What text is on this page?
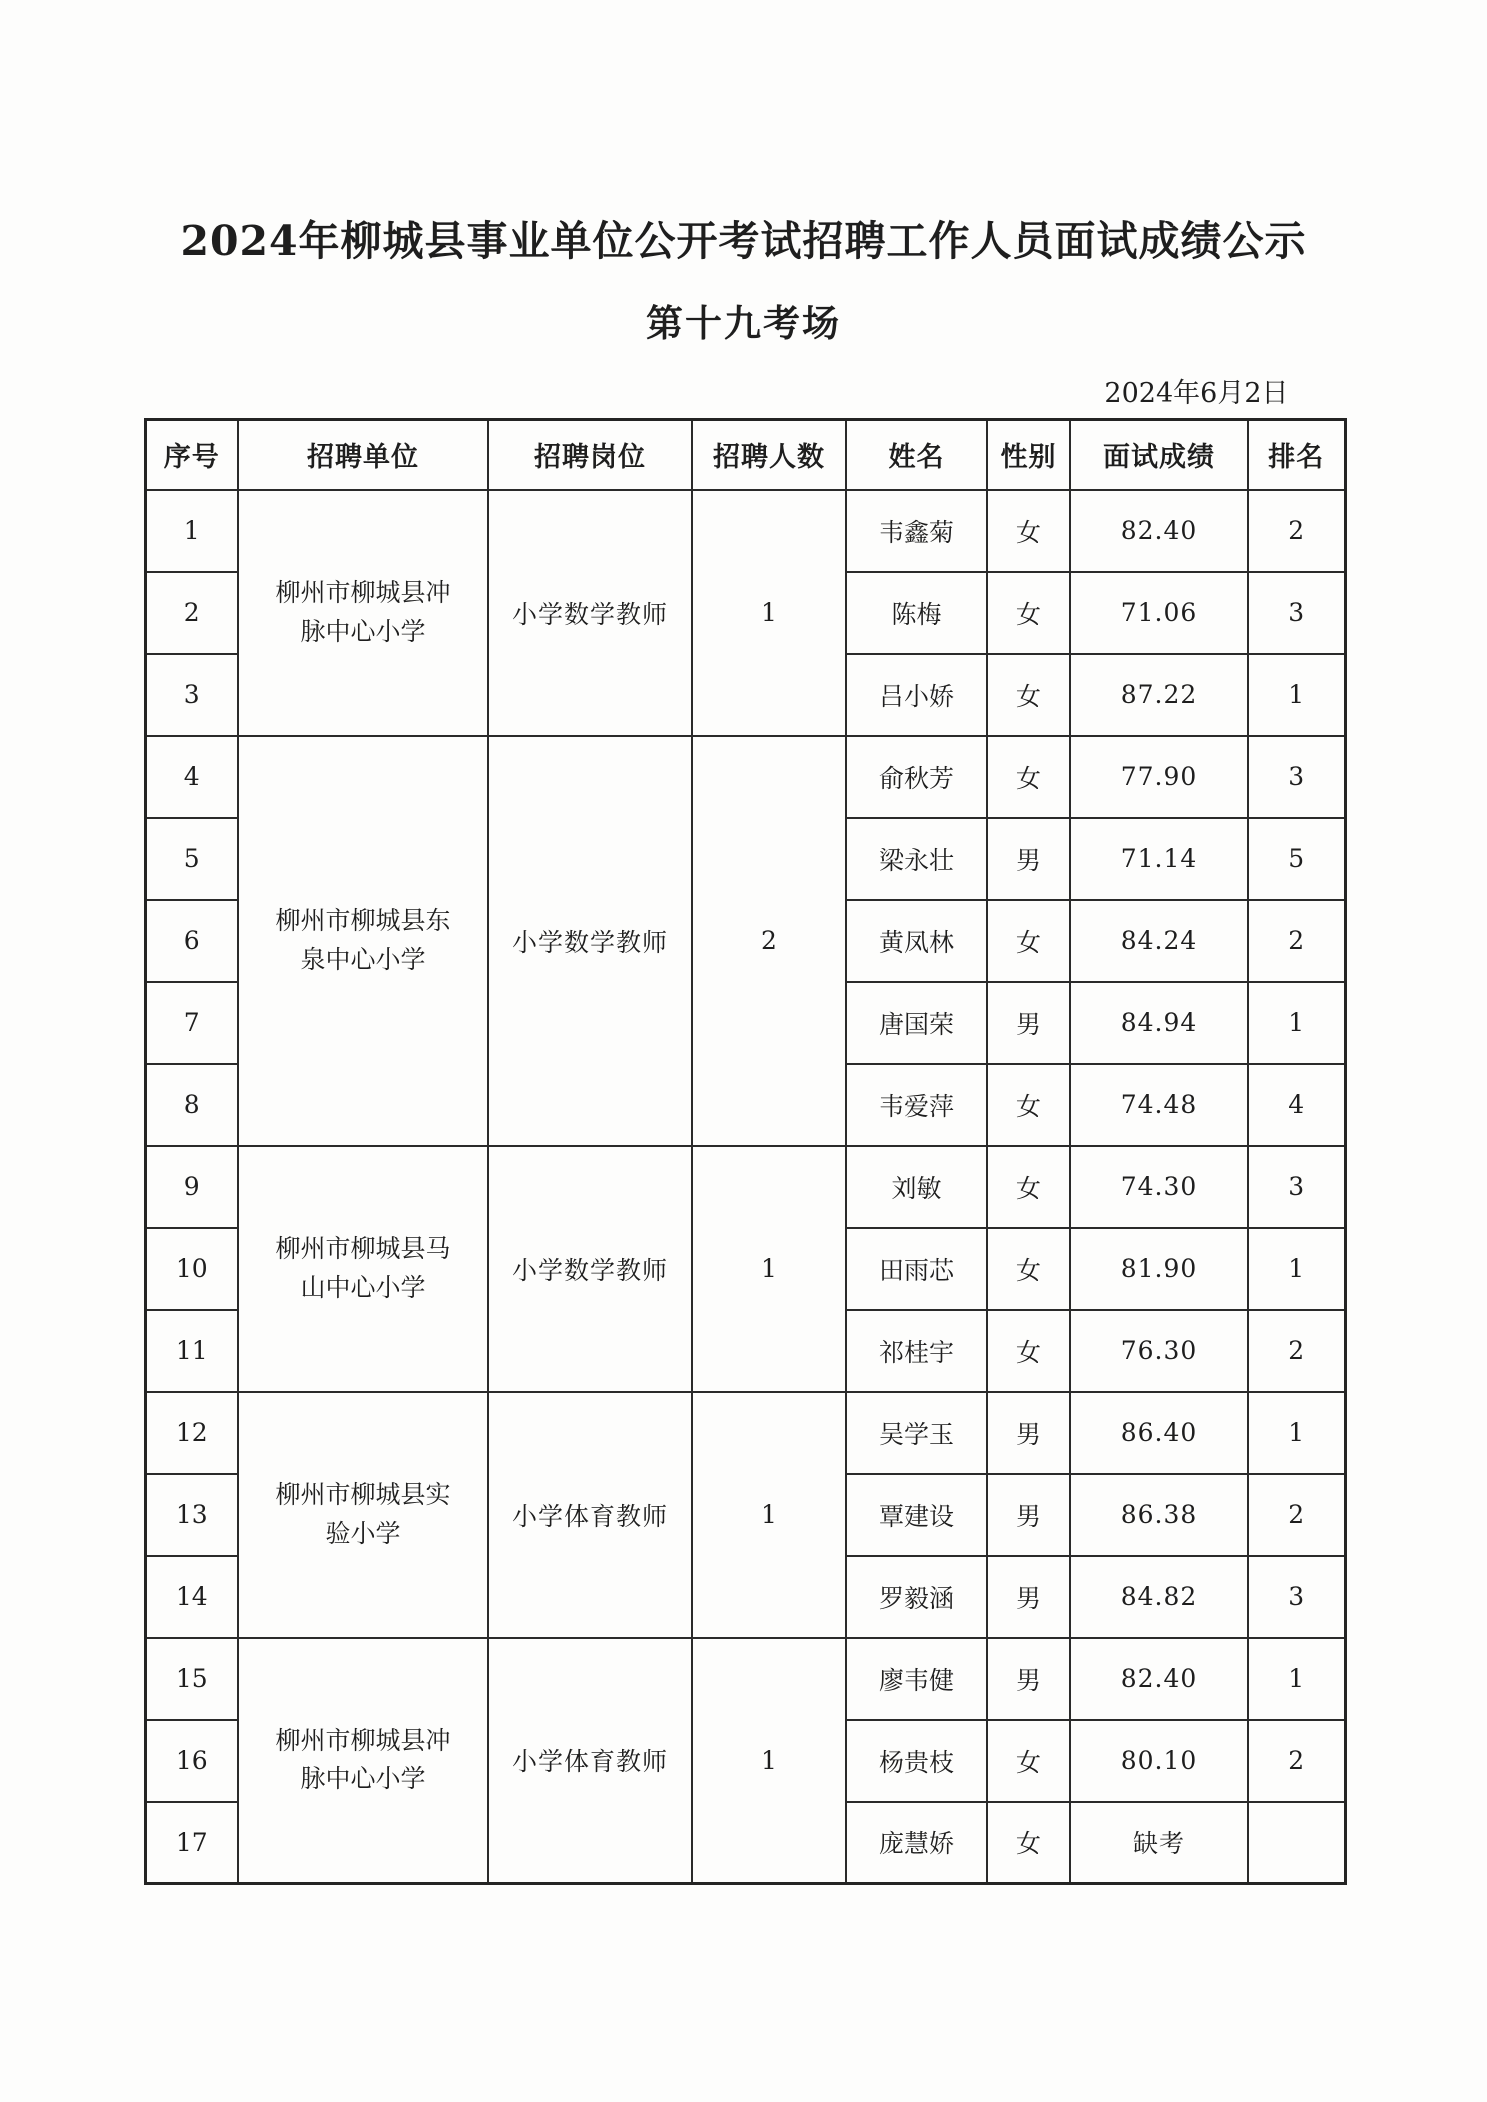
2024年柳城县事业单位公开考试招聘工作人员面试成绩公示
第十九考场
2024年6月2日
序号	招聘单位	招聘岗位	招聘人数	姓名	性别	面试成绩	排名
1	柳州市柳城县冲脉中心小学	小学数学教师	1	韦鑫菊	女	82.40	2
2				陈梅	女	71.06	3
3				吕小娇	女	87.22	1
4	柳州市柳城县东泉中心小学	小学数学教师	2	俞秋芳	女	77.90	3
5				梁永壮	男	71.14	5
6				黄凤林	女	84.24	2
7				唐国荣	男	84.94	1
8				韦爱萍	女	74.48	4
9	柳州市柳城县马山中心小学	小学数学教师	1	刘敏	女	74.30	3
10				田雨芯	女	81.90	1
11				祁桂宇	女	76.30	2
12	柳州市柳城县实验小学	小学体育教师	1	吴学玉	男	86.40	1
13				覃建设	男	86.38	2
14				罗毅涵	男	84.82	3
15	柳州市柳城县冲脉中心小学	小学体育教师	1	廖韦健	男	82.40	1
16				杨贵枝	女	80.10	2
17				庞慧娇	女	缺考	
